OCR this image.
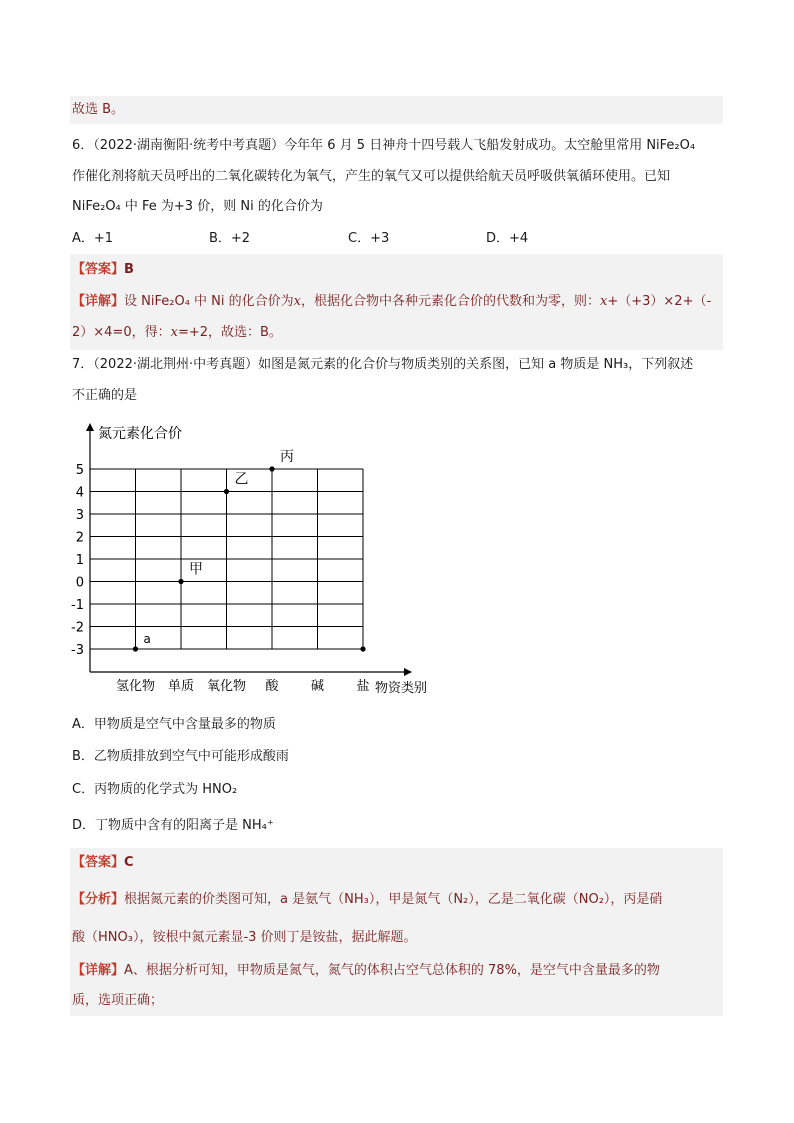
故选 B。
6．（2022·湖南衡阳·统考中考真题）今年年 6 月 5 日神舟十四号载人飞船发射成功。太空舱里常用 NiFe₂O₄
作催化剂将航天员呼出的二氧化碳转化为氧气，产生的氧气又可以提供给航天员呼吸供氧循环使用。已知
NiFe₂O₄ 中 Fe 为+3 价，则 Ni 的化合价为
A．+1	B．+2	C．+3	D．+4
【答案】B
【详解】设 NiFe₂O₄ 中 Ni 的化合价为x，根据化合物中各种元素化合价的代数和为零，则：x+（+3）×2+（-
2）×4=0，得：x=+2，故选：B。
7．（2022·湖北荆州·中考真题）如图是氮元素的化合价与物质类别的关系图，已知 a 物质是 NH₃，下列叙述
不正确的是
氮元素化合价
物资类别
5
4
3
2
1
0
-1
-2
-3
氢化物 单质 氧化物 酸 碱 盐
a
甲
乙
丙
A．甲物质是空气中含量最多的物质
B．乙物质排放到空气中可能形成酸雨
C．丙物质的化学式为 HNO₂
D．丁物质中含有的阳离子是 NH₄⁺
【答案】C
【分析】根据氮元素的价类图可知，a 是氨气（NH₃），甲是氮气（N₂），乙是二氧化碳（NO₂），丙是硝
酸（HNO₃），铵根中氮元素显-3 价则丁是铵盐，据此解题。
【详解】A、根据分析可知，甲物质是氮气，氮气的体积占空气总体积的 78%，是空气中含量最多的物
质，选项正确；
